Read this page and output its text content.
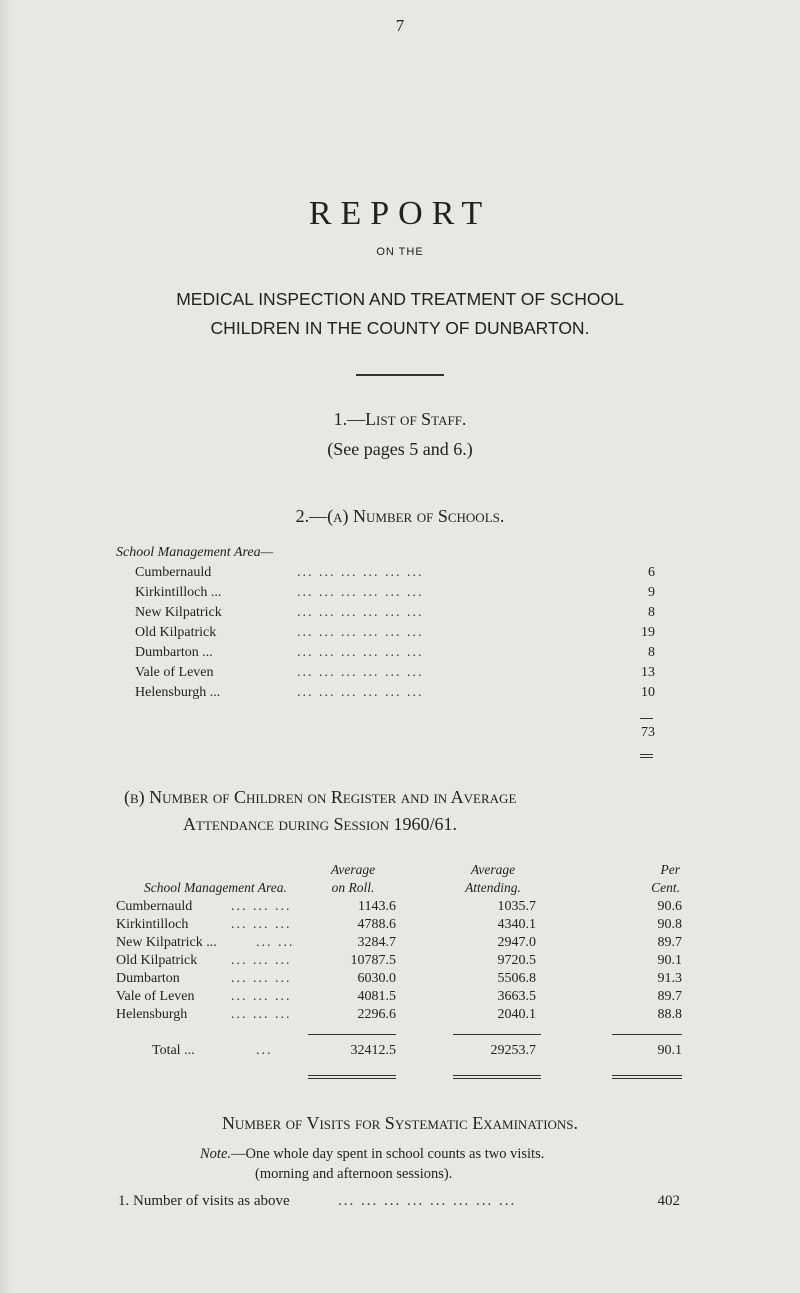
7
REPORT
ON THE
MEDICAL INSPECTION AND TREATMENT OF SCHOOL
CHILDREN IN THE COUNTY OF DUNBARTON.
1.—List of Staff.
(See pages 5 and 6.)
2.—(a) Number of Schools.
School Management Area—
Cumbernauld	... ... ... ... ... ...	6
Kirkintilloch ...	... ... ... ... ... ...	9
New Kilpatrick	... ... ... ... ... ...	8
Old Kilpatrick	... ... ... ... ... ...	19
Dumbarton ...	... ... ... ... ... ...	8
Vale of Leven	... ... ... ... ... ...	13
Helensburgh ...	... ... ... ... ... ...	10
73
(b) Number of Children on Register and in Average
Attendance during Session 1960/61.
Average
on Roll.
Average
Attending.
Per
Cent.
School Management Area.
Cumbernauld	... ... ...	1143.6	1035.7	90.6
Kirkintilloch	... ... ...	4788.6	4340.1	90.8
New Kilpatrick ...	... ...	3284.7	2947.0	89.7
Old Kilpatrick ... ... ...	10787.5	9720.5	90.1
Dumbarton	... ... ...	6030.0	5506.8	91.3
Vale of Leven	... ... ...	4081.5	3663.5	89.7
Helensburgh	... ... ...	2296.6	2040.1	88.8
Total ...	...	32412.5	29253.7	90.1
Number of Visits for Systematic Examinations.
Note.—One whole day spent in school counts as two visits.
(morning and afternoon sessions).
1. Number of visits as above	... ... ... ... ... ... ... ...	402
